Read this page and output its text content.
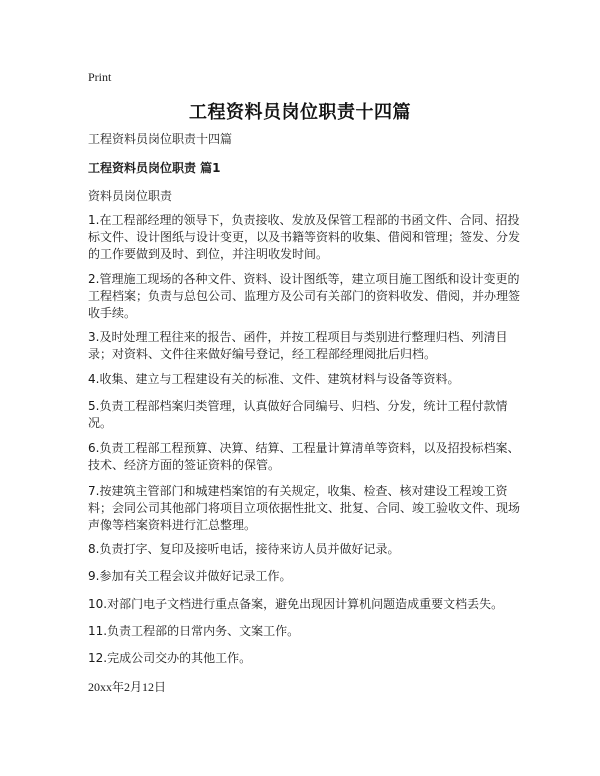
Print
工程资料员岗位职责十四篇
工程资料员岗位职责十四篇
工程资料员岗位职责 篇1
资料员岗位职责

1.在工程部经理的领导下，负责接收、发放及保管工程部的书函文件、合同、招投标文件、设计图纸与设计变更，以及书籍等资料的收集、借阅和管理；签发、分发的工作要做到及时、到位，并注明收发时间。

2.管理施工现场的各种文件、资料、设计图纸等，建立项目施工图纸和设计变更的工程档案；负责与总包公司、监理方及公司有关部门的资料收发、借阅，并办理签收手续。

3.及时处理工程往来的报告、函件，并按工程项目与类别进行整理归档、列清目录；对资料、文件往来做好编号登记，经工程部经理阅批后归档。

4.收集、建立与工程建设有关的标准、文件、建筑材料与设备等资料。

5.负责工程部档案归类管理，认真做好合同编号、归档、分发，统计工程付款情况。

6.负责工程部工程预算、决算、结算、工程量计算清单等资料，以及招投标档案、技术、经济方面的签证资料的保管。

7.按建筑主管部门和城建档案馆的有关规定，收集、检查、核对建设工程竣工资料；会同公司其他部门将项目立项依据性批文、批复、合同、竣工验收文件、现场声像等档案资料进行汇总整理。

8.负责打字、复印及接听电话，接待来访人员并做好记录。

9.参加有关工程会议并做好记录工作。

10.对部门电子文档进行重点备案，避免出现因计算机问题造成重要文档丢失。

11.负责工程部的日常内务、文案工作。

12.完成公司交办的其他工作。

20xx年2月12日
